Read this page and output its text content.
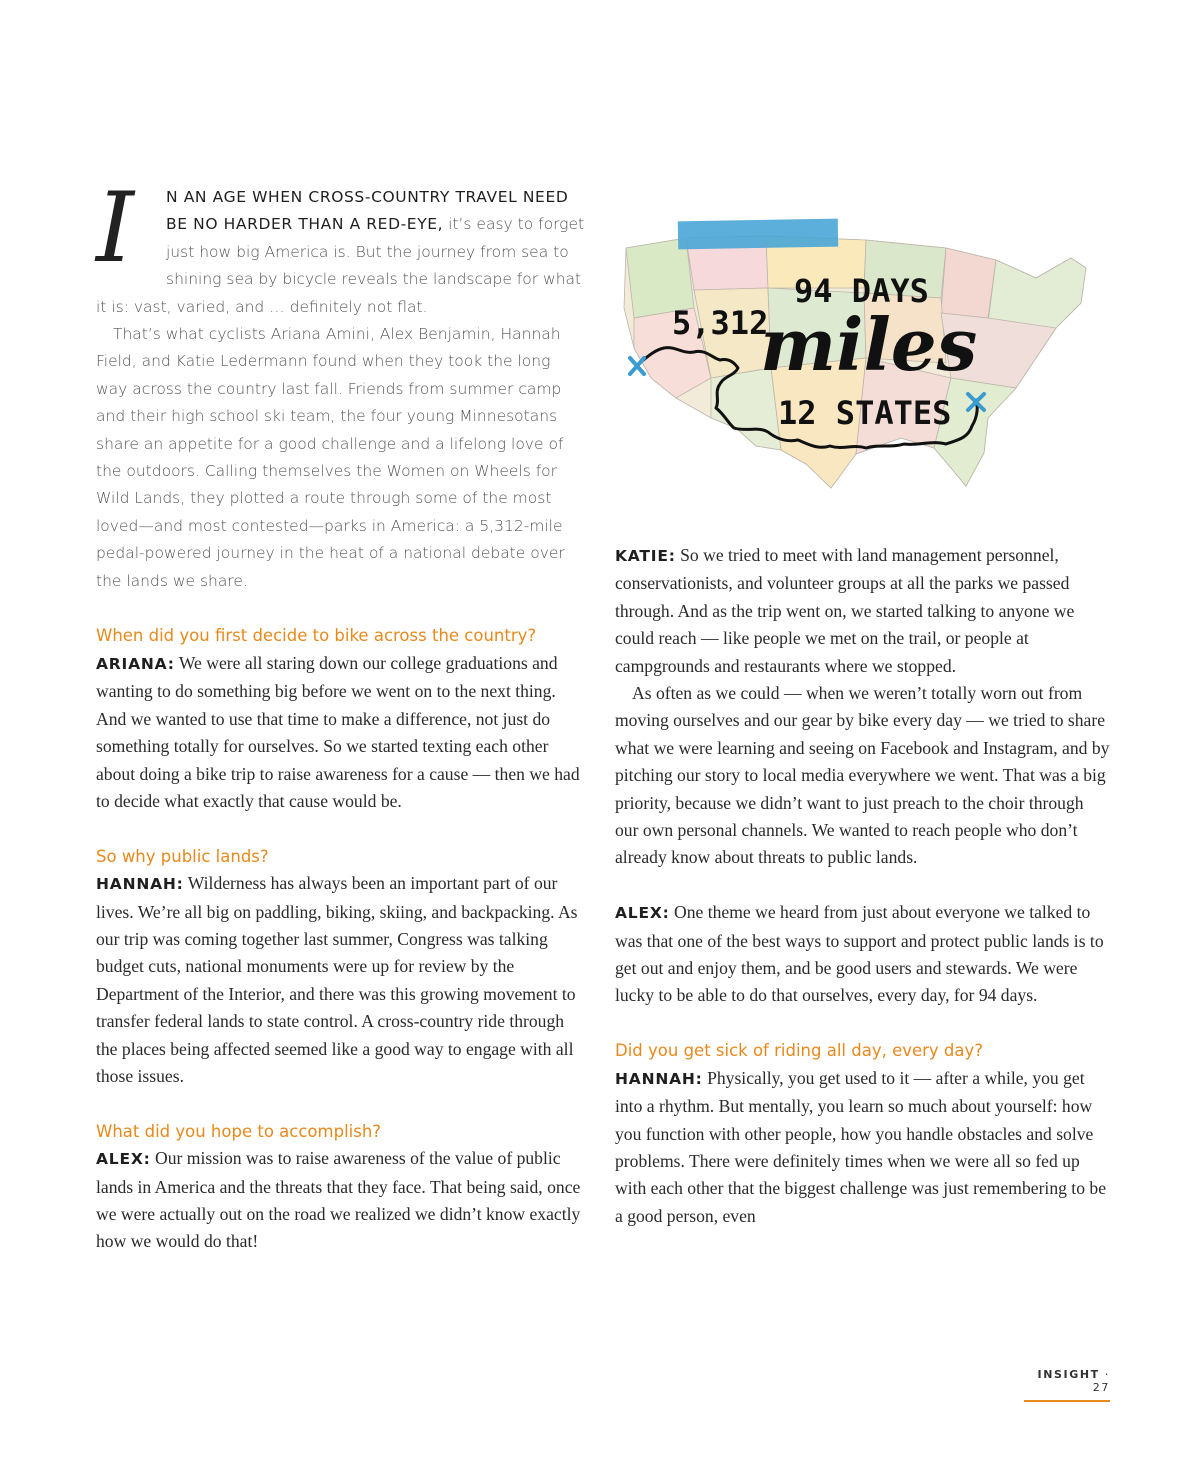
I	N AN AGE WHEN CROSS-COUNTRY TRAVEL NEED BE NO HARDER THAN A RED-EYE, it’s easy to forget just how big America is. But the journey from sea to shining sea by bicycle reveals the landscape for what it is: vast, varied, and … definitely not flat.

That’s what cyclists Ariana Amini, Alex Benjamin, Hannah Field, and Katie Ledermann found when they took the long way across the country last fall. Friends from summer camp and their high school ski team, the four young Minnesotans share an appetite for a good challenge and a lifelong love of the outdoors. Calling themselves the Women on Wheels for Wild Lands, they plotted a route through some of the most loved—and most contested—parks in America: a 5,312-mile pedal-powered journey in the heat of a national debate over the lands we share.

When did you first decide to bike across the country?

ARIANA: We were all staring down our college graduations and wanting to do something big before we went on to the next thing. And we wanted to use that time to make a difference, not just do something totally for ourselves. So we started texting each other about doing a bike trip to raise awareness for a cause — then we had to decide what exactly that cause would be.

So why public lands?

HANNAH: Wilderness has always been an important part of our lives. We’re all big on paddling, biking, skiing, and backpacking. As our trip was coming together last summer, Congress was talking budget cuts, national monuments were up for review by the Department of the Interior, and there was this growing movement to transfer federal lands to state control. A cross-country ride through the places being affected seemed like a good way to engage with all those issues.

What did you hope to accomplish?

ALEX: Our mission was to raise awareness of the value of public lands in America and the threats that they face. That being said, once we were actually out on the road we realized we didn’t know exactly how we would do that!

94 DAYS
5,312
miles
12 STATES

KATIE: So we tried to meet with land management personnel, conservationists, and volunteer groups at all the parks we passed through. And as the trip went on, we started talking to anyone we could reach — like people we met on the trail, or people at campgrounds and restaurants where we stopped.

As often as we could — when we weren’t totally worn out from moving ourselves and our gear by bike every day — we tried to share what we were learning and seeing on Facebook and Instagram, and by pitching our story to local media everywhere we went. That was a big priority, because we didn’t want to just preach to the choir through our own personal channels. We wanted to reach people who don’t already know about threats to public lands.

ALEX: One theme we heard from just about everyone we talked to was that one of the best ways to support and protect public lands is to get out and enjoy them, and be good users and stewards. We were lucky to be able to do that ourselves, every day, for 94 days.

Did you get sick of riding all day, every day?

HANNAH: Physically, you get used to it — after a while, you get into a rhythm. But mentally, you learn so much about yourself: how you function with other people, how you handle obstacles and solve problems. There were definitely times when we were all so fed up with each other that the biggest challenge was just remembering to be a good person, even

INSIGHT · 27
